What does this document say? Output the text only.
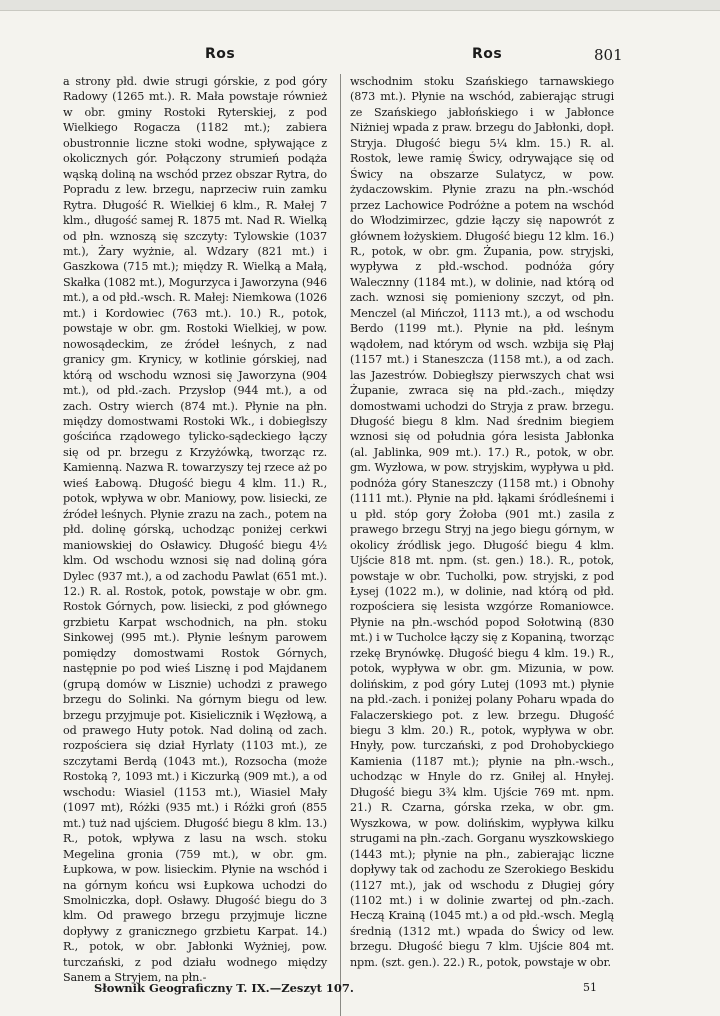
Ros	Ros	801

a strony płd. dwie strugi górskie, z pod góry Radowy (1265 mt.). R. Mała powstaje również w obr. gminy Rostoki Ryterskiej, z pod Wielkiego Rogacza (1182 mt.); zabiera obustronnie liczne stoki wodne, spływające z okolicznych gór. Połączony strumień podąża wąską doliną na wschód przez obszar Rytra, do Popradu z lew. brzegu, naprzeciw ruin zamku Rytra. Długość R. Wielkiej 6 klm., R. Małej 7 klm., długość samej R. 1875 mt. Nad R. Wielką od płn. wznoszą się szczyty: Tylowskie (1037 mt.), Żary wyżnie, al. Wdzary (821 mt.) i Gaszkowa (715 mt.); między R. Wielką a Małą, Skałka (1082 mt.), Mogurzyca i Jaworzyna (946 mt.), a od płd.-wsch. R. Małej: Niemkowa (1026 mt.) i Kordowiec (763 mt.). 10.) R., potok, powstaje w obr. gm. Rostoki Wielkiej, w pow. nowosądeckim, ze źródeł leśnych, z nad granicy gm. Krynicy, w kotlinie górskiej, nad którą od wschodu wznosi się Jaworzyna (904 mt.), od płd.-zach. Przysłop (944 mt.), a od zach. Ostry wierch (874 mt.). Płynie na płn. między domostwami Rostoki Wk., i dobiegłszy gościńca rządowego tylicko-sądeckiego łączy się od pr. brzegu z Krzyżówką, tworząc rz. Kamienną. Nazwa R. towarzyszy tej rzece aż po wieś Łabową. Długość biegu 4 klm. 11.) R., potok, wpływa w obr. Maniowy, pow. lisiecki, ze źródeł leśnych. Płynie zrazu na zach., potem na płd. dolinę górską, uchodząc poniżej cerkwi maniowskiej do Osławicy. Długość biegu 4½ klm. Od wschodu wznosi się nad doliną góra Dylec (937 mt.), a od zachodu Pawlat (651 mt.). 12.) R. al. Rostok, potok, powstaje w obr. gm. Rostok Górnych, pow. lisiecki, z pod głównego grzbietu Karpat wschodnich, na płn. stoku Sinkowej (995 mt.). Płynie leśnym parowem pomiędzy domostwami Rostok Górnych, następnie po pod wieś Lisznę i pod Majdanem (grupą domów w Lisznie) uchodzi z prawego brzegu do Solinki. Na górnym biegu od lew. brzegu przyjmuje pot. Kisielicznik i Węzłową, a od prawego Huty potok. Nad doliną od zach. rozpościera się dział Hyrlaty (1103 mt.), ze szczytami Berdą (1043 mt.), Rozsocha (może Rostoką ?, 1093 mt.) i Kiczurką (909 mt.), a od wschodu: Wiasiel (1153 mt.), Wiasiel Mały (1097 mt), Różki (935 mt.) i Różki groń (855 mt.) tuż nad ujściem. Długość biegu 8 klm. 13.) R., potok, wpływa z lasu na wsch. stoku Megelina gronia (759 mt.), w obr. gm. Łupkowa, w pow. lisieckim. Płynie na wschód i na górnym końcu wsi Łupkowa uchodzi do Smolniczka, dopł. Osławy. Długość biegu do 3 klm. Od prawego brzegu przyjmuje liczne dopływy z granicznego grzbietu Karpat. 14.) R., potok, w obr. Jabłonki Wyżniej, pow. turczański, z pod działu wodnego między Sanem a Stryjem, na płn.-

wschodnim stoku Szańskiego tarnawskiego (873 mt.). Płynie na wschód, zabierając strugi ze Szańskiego jabłońskiego i w Jabłonce Niżniej wpada z praw. brzegu do Jabłonki, dopł. Stryja. Długość biegu 5¼ klm. 15.) R. al. Rostok, lewe ramię Świcy, odrywające się od Świcy na obszarze Sulatycz, w pow. żydaczowskim. Płynie zrazu na płn.-wschód przez Lachowice Podróżne a potem na wschód do Włodzimirzec, gdzie łączy się napowrót z głównem łożyskiem. Długość biegu 12 klm. 16.) R., potok, w obr. gm. Żupania, pow. stryjski, wypływa z płd.-wschod. podnóża góry Walecznny (1184 mt.), w dolinie, nad którą od zach. wznosi się pomieniony szczyt, od płn. Menczel (al Mińczoł, 1113 mt.), a od wschodu Berdo (1199 mt.). Płynie na płd. leśnym wądołem, nad którym od wsch. wzbija się Płaj (1157 mt.) i Staneszcza (1158 mt.), a od zach. las Jazestrów. Dobiegłszy pierwszych chat wsi Żupanie, zwraca się na płd.-zach., między domostwami uchodzi do Stryja z praw. brzegu. Długość biegu 8 klm. Nad średnim biegiem wznosi się od południa góra lesista Jabłonka (al. Jablinka, 909 mt.). 17.) R., potok, w obr. gm. Wyzłowa, w pow. stryjskim, wypływa u płd. podnóża góry Staneszczy (1158 mt.) i Obnohy (1111 mt.). Płynie na płd. łąkami śródleśnemi i u płd. stóp gory Żołoba (901 mt.) zasila z prawego brzegu Stryj na jego biegu górnym, w okolicy źródlisk jego. Długość biegu 4 klm. Ujście 818 mt. npm. (st. gen.) 18.). R., potok, powstaje w obr. Tucholki, pow. stryjski, z pod Łysej (1022 m.), w dolinie, nad którą od płd. rozpościera się lesista wzgórze Romaniowce. Płynie na płn.-wschód popod Sołotwiną (830 mt.) i w Tucholce łączy się z Kopaniną, tworząc rzekę Brynówkę. Długość biegu 4 klm. 19.) R., potok, wypływa w obr. gm. Mizunia, w pow. dolińskim, z pod góry Lutej (1093 mt.) płynie na płd.-zach. i poniżej polany Poharu wpada do Falaczerskiego pot. z lew. brzegu. Długość biegu 3 klm. 20.) R., potok, wypływa w obr. Hnyły, pow. turczański, z pod Drohobyckiego Kamienia (1187 mt.); płynie na płn.-wsch., uchodząc w Hnyle do rz. Gniłej al. Hnyłej. Długość biegu 3¾ klm. Ujście 769 mt. npm. 21.) R. Czarna, górska rzeka, w obr. gm. Wyszkowa, w pow. dolińskim, wypływa kilku strugami na płn.-zach. Gorganu wyszkowskiego (1443 mt.); płynie na płn., zabierając liczne dopływy tak od zachodu ze Szerokiego Beskidu (1127 mt.), jak od wschodu z Długiej góry (1102 mt.) i w dolinie zwartej od płn.-zach. Heczą Krainą (1045 mt.) a od płd.-wsch. Meglą średnią (1312 mt.) wpada do Świcy od lew. brzegu. Długość biegu 7 klm. Ujście 804 mt. npm. (szt. gen.). 22.) R., potok, powstaje w obr.

Słownik Geograficzny T. IX.—Zeszyt 107.	51
